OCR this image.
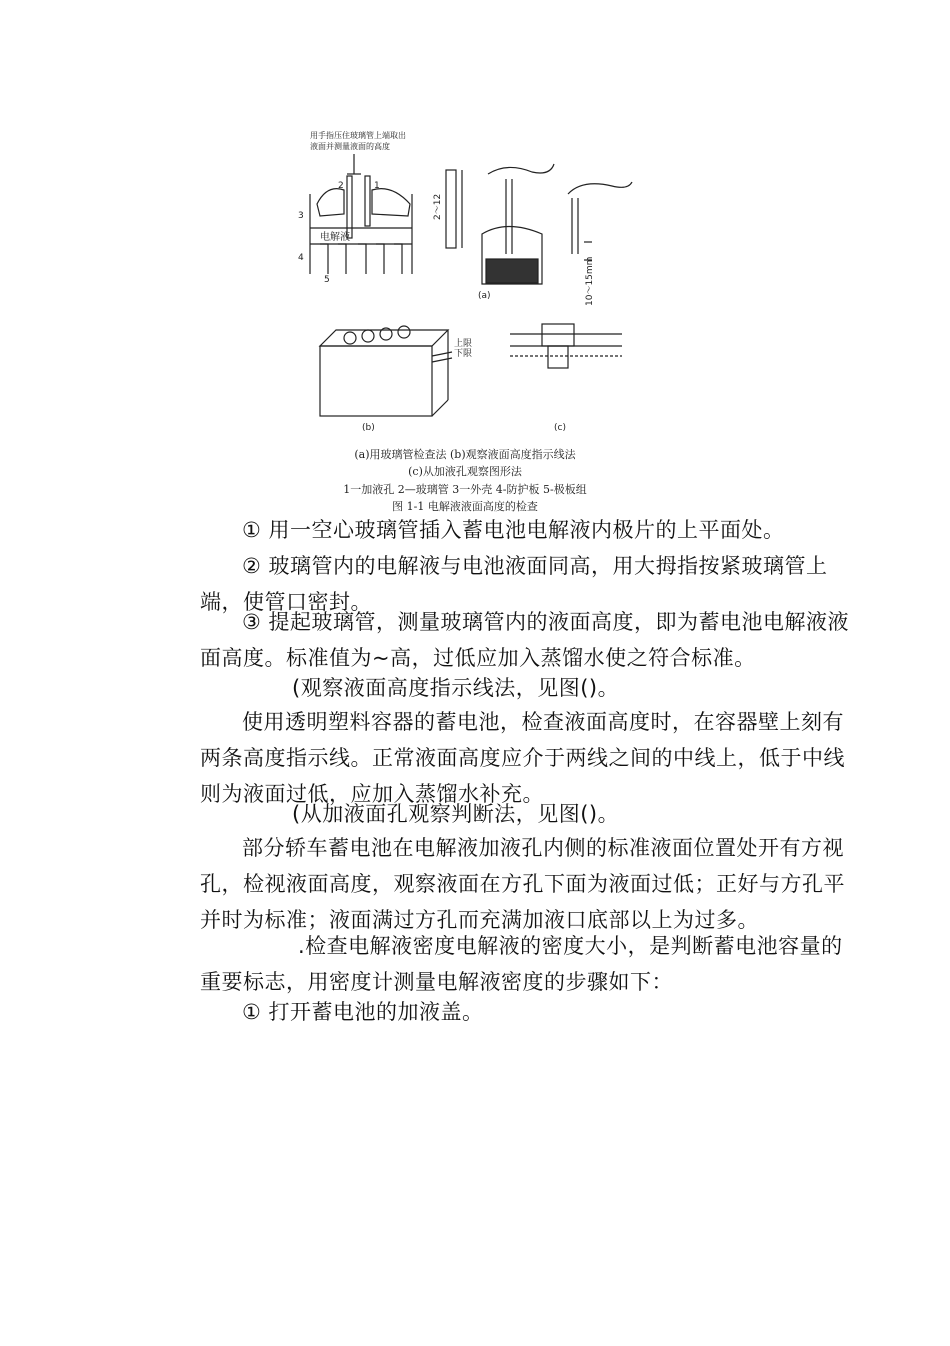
用手指压住玻璃管上端取出
液面并测量液面的高度
2	1
3
4
5
电解液
2～12
10～15mm
(a)
(b)	(c)
上限
下限
(a)用玻璃管检查法 (b)观察液面高度指示线法
(c)从加液孔观察图形法
1一加液孔 2—玻璃管 3一外壳 4-防护板 5-极板组
图 1-1 电解液液面高度的检查
① 用一空心玻璃管插入蓄电池电解液内极片的上平面处。
② 玻璃管内的电解液与电池液面同高，用大拇指按紧玻璃管上端，使管口密封。
③ 提起玻璃管，测量玻璃管内的液面高度，即为蓄电池电解液液面高度。标准值为~高，过低应加入蒸馏水使之符合标准。
(观察液面高度指示线法，见图()。
使用透明塑料容器的蓄电池，检查液面高度时，在容器壁上刻有两条高度指示线。正常液面高度应介于两线之间的中线上，低于中线则为液面过低，应加入蒸馏水补充。
(从加液面孔观察判断法，见图()。
部分轿车蓄电池在电解液加液孔内侧的标准液面位置处开有方视孔，检视液面高度，观察液面在方孔下面为液面过低；正好与方孔平并时为标准；液面满过方孔而充满加液口底部以上为过多。
.检查电解液密度电解液的密度大小，是判断蓄电池容量的重要标志，用密度计测量电解液密度的步骤如下：
① 打开蓄电池的加液盖。
